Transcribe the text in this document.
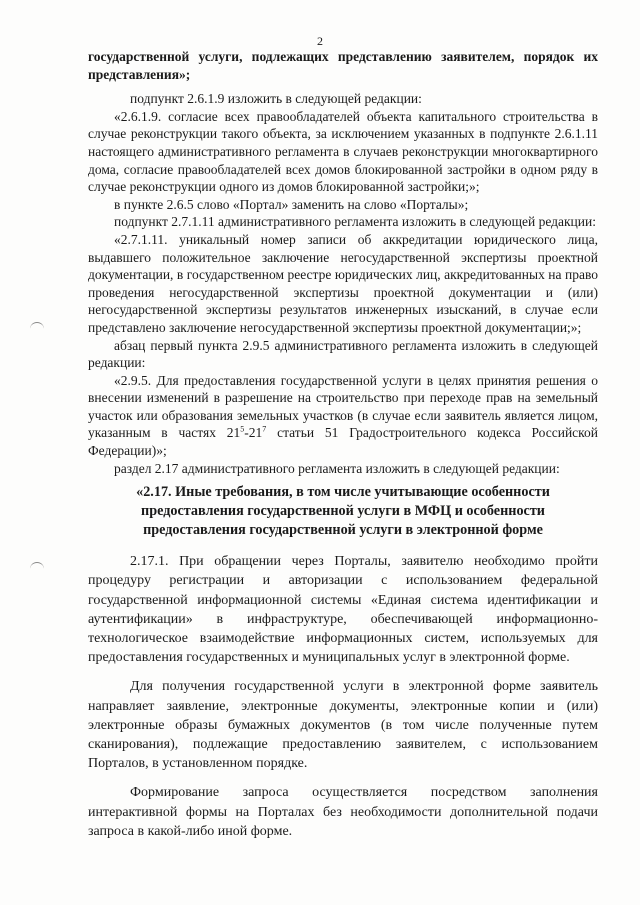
2

государственной услуги, подлежащих представлению заявителем, порядок их представления»;

подпункт 2.6.1.9 изложить в следующей редакции:

«2.6.1.9. согласие всех правообладателей объекта капитального строительства в случае реконструкции такого объекта, за исключением указанных в подпункте 2.6.1.11 настоящего административного регламента в случаев реконструкции многоквартирного дома, согласие правообладателей всех домов блокированной застройки в одном ряду в случае реконструкции одного из домов блокированной застройки;»;

в пункте 2.6.5 слово «Портал» заменить на слово «Порталы»;

подпункт 2.7.1.11 административного регламента изложить в следующей редакции:

«2.7.1.11. уникальный номер записи об аккредитации юридического лица, выдавшего положительное заключение негосударственной экспертизы проектной документации, в государственном реестре юридических лиц, аккредитованных на право проведения негосударственной экспертизы проектной документации и (или) негосударственной экспертизы результатов инженерных изысканий, в случае если представлено заключение негосударственной экспертизы проектной документации;»;

абзац первый пункта 2.9.5 административного регламента изложить в следующей редакции:

«2.9.5. Для предоставления государственной услуги в целях принятия решения о внесении изменений в разрешение на строительство при переходе прав на земельный участок или образования земельных участков (в случае если заявитель является лицом, указанным в частях $21^5-21^7$ статьи 51 Градостроительного кодекса Российской Федерации)»;

раздел 2.17 административного регламента изложить в следующей редакции:

«2.17. Иные требования, в том числе учитывающие особенности предоставления государственной услуги в МФЦ и особенности предоставления государственной услуги в электронной форме

2.17.1. При обращении через Порталы, заявителю необходимо пройти процедуру регистрации и авторизации с использованием федеральной государственной информационной системы «Единая система идентификации и аутентификации» в инфраструктуре, обеспечивающей информационно-технологическое взаимодействие информационных систем, используемых для предоставления государственных и муниципальных услуг в электронной форме.

Для получения государственной услуги в электронной форме заявитель направляет заявление, электронные документы, электронные копии и (или) электронные образы бумажных документов (в том числе полученные путем сканирования), подлежащие предоставлению заявителем, с использованием Порталов, в установленном порядке.

Формирование запроса осуществляется посредством заполнения интерактивной формы на Порталах без необходимости дополнительной подачи запроса в какой-либо иной форме.
